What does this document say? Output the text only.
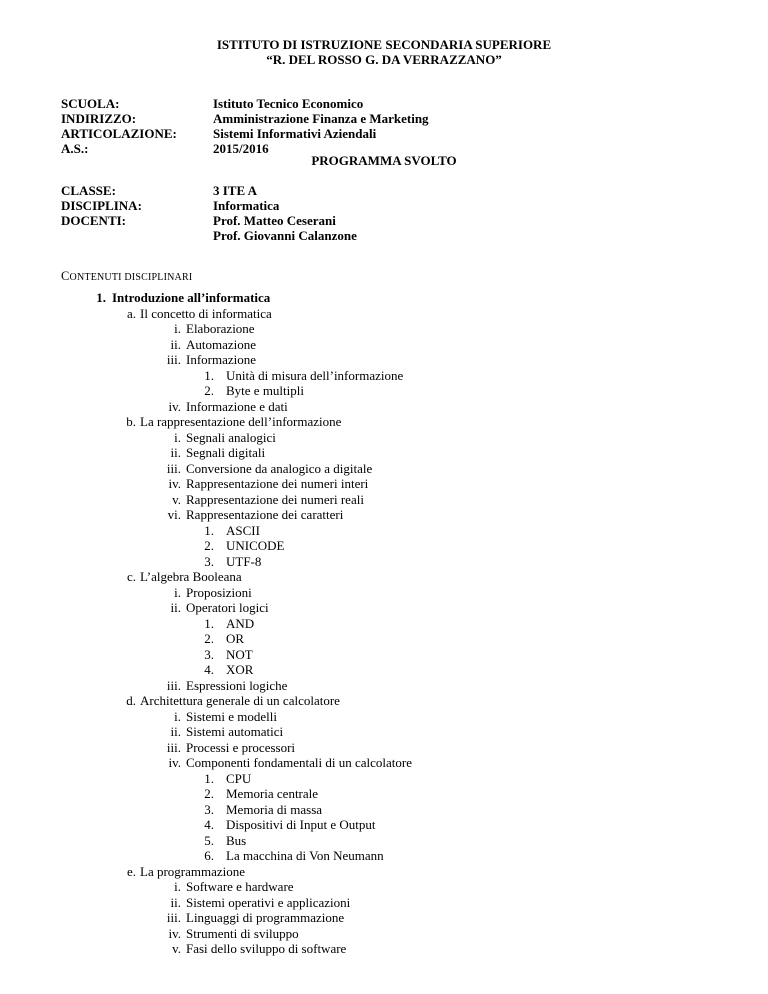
ISTITUTO DI ISTRUZIONE SECONDARIA SUPERIORE
“R. DEL ROSSO G. DA VERRAZZANO”
SCUOLA:	Istituto Tecnico Economico
INDIRIZZO:	Amministrazione Finanza e Marketing
ARTICOLAZIONE:	Sistemi Informativi Aziendali
A.S.:	2015/2016
PROGRAMMA SVOLTO
CLASSE:	3 ITE A
DISCIPLINA:	Informatica
DOCENTI:	Prof. Matteo Ceserani
Prof. Giovanni Calanzone
CONTENUTI DISCIPLINARI
1. Introduzione all’informatica
a. Il concetto di informatica
i. Elaborazione
ii. Automazione
iii. Informazione
1. Unità di misura dell’informazione
2. Byte e multipli
iv. Informazione e dati
b. La rappresentazione dell’informazione
i. Segnali analogici
ii. Segnali digitali
iii. Conversione da analogico a digitale
iv. Rappresentazione dei numeri interi
v. Rappresentazione dei numeri reali
vi. Rappresentazione dei caratteri
1. ASCII
2. UNICODE
3. UTF-8
c. L’algebra Booleana
i. Proposizioni
ii. Operatori logici
1. AND
2. OR
3. NOT
4. XOR
iii. Espressioni logiche
d. Architettura generale di un calcolatore
i. Sistemi e modelli
ii. Sistemi automatici
iii. Processi e processori
iv. Componenti fondamentali di un calcolatore
1. CPU
2. Memoria centrale
3. Memoria di massa
4. Dispositivi di Input e Output
5. Bus
6. La macchina di Von Neumann
e. La programmazione
i. Software e hardware
ii. Sistemi operativi e applicazioni
iii. Linguaggi di programmazione
iv. Strumenti di sviluppo
v. Fasi dello sviluppo di software
